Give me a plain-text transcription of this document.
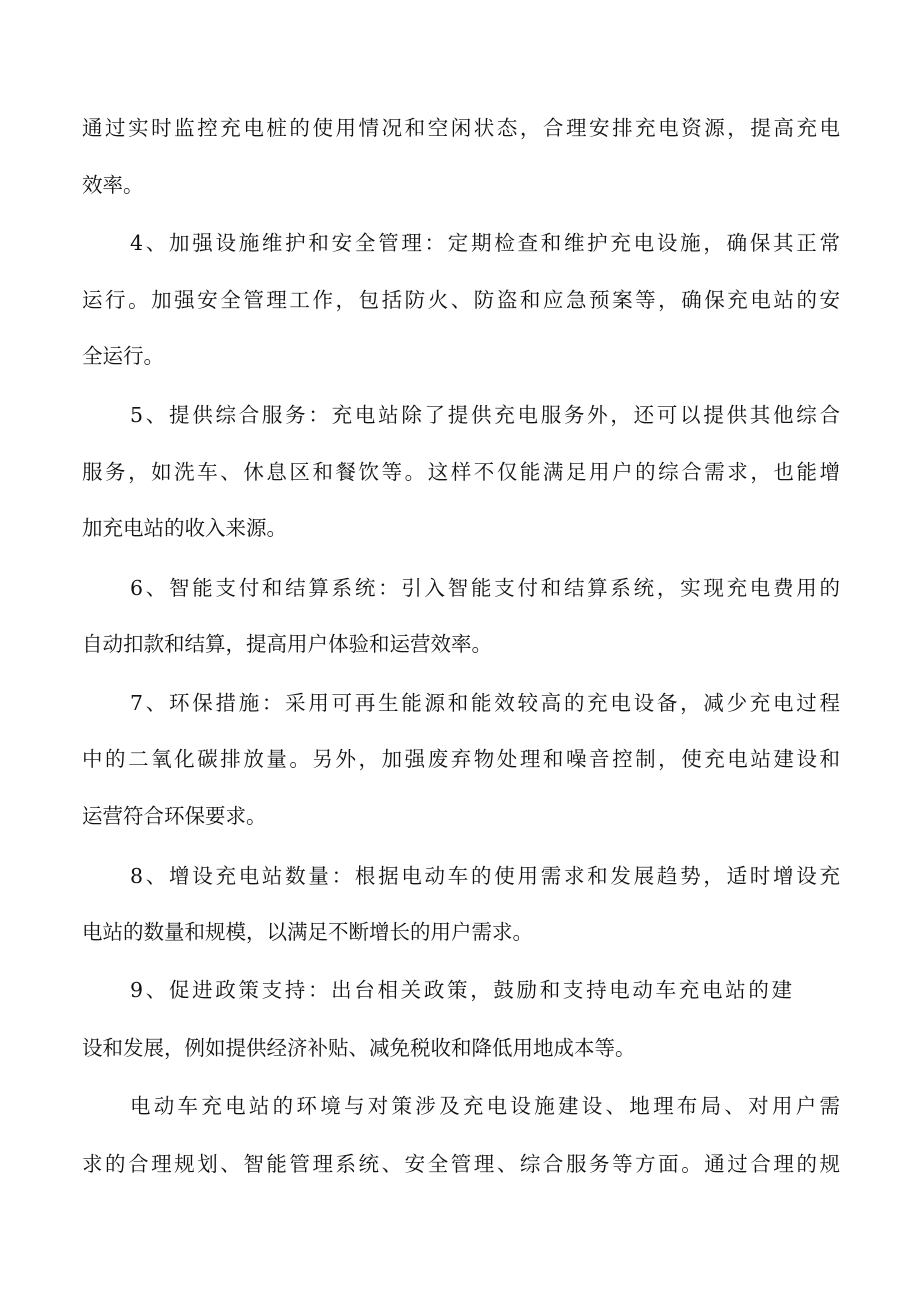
通过实时监控充电桩的使用情况和空闲状态，合理安排充电资源，提高充电
效率。
4、加强设施维护和安全管理：定期检查和维护充电设施，确保其正常
运行。加强安全管理工作，包括防火、防盗和应急预案等，确保充电站的安
全运行。
5、提供综合服务：充电站除了提供充电服务外，还可以提供其他综合
服务，如洗车、休息区和餐饮等。这样不仅能满足用户的综合需求，也能增
加充电站的收入来源。
6、智能支付和结算系统：引入智能支付和结算系统，实现充电费用的
自动扣款和结算，提高用户体验和运营效率。
7、环保措施：采用可再生能源和能效较高的充电设备，减少充电过程
中的二氧化碳排放量。另外，加强废弃物处理和噪音控制，使充电站建设和
运营符合环保要求。
8、增设充电站数量：根据电动车的使用需求和发展趋势，适时增设充
电站的数量和规模，以满足不断增长的用户需求。
9、促进政策支持：出台相关政策，鼓励和支持电动车充电站的建
设和发展，例如提供经济补贴、减免税收和降低用地成本等。
电动车充电站的环境与对策涉及充电设施建设、地理布局、对用户需
求的合理规划、智能管理系统、安全管理、综合服务等方面。通过合理的规
